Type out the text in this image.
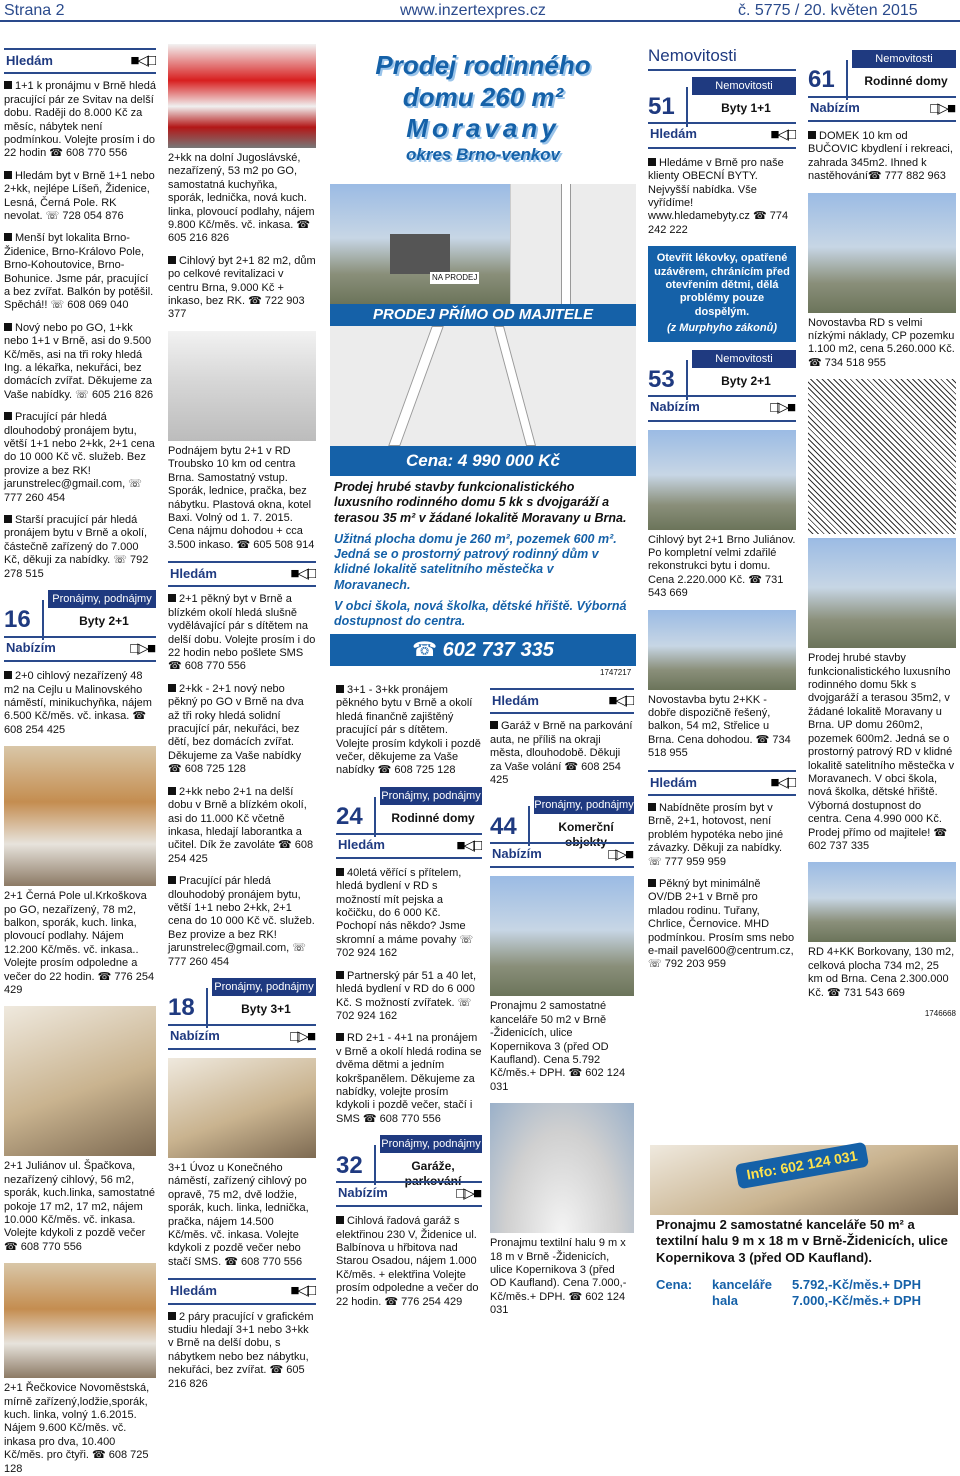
Strana 2	www.inzertexpres.cz	č. 5775 / 20. květen 2015
Hledám	■◁□
1+1 k pronájmu v Brně hledá pracující pár ze Svitav na delší dobu. Raději do 8.000 Kč za měsíc, nábytek není podmínkou. Volejte prosím i do 22 hodin ☎ 608 770 556
Hledám byt v Brně 1+1 nebo 2+kk, nejlépe Líšeň, Židenice, Lesná, Černá Pole. RK nevolat. ☏ 728 054 876
Menší byt lokalita Brno-Židenice, Brno-Královo Pole, Brno-Kohoutovice, Brno-Bohunice. Jsme pár, pracující a bez zvířat. Balkón by potěšil. Spěchá!! ☏ 608 069 040
Nový nebo po GO, 1+kk nebo 1+1 v Brně, asi do 9.500 Kč/měs, asi na tři roky hledá Ing. a lékařka, nekuřáci, bez domácích zvířat. Děkujeme za Vaše nabídky. ☏ 605 216 826
Pracující pár hledá dlouhodobý pronájem bytu, větší 1+1 nebo 2+kk, 2+1 cena do 10 000 Kč vč. služeb. Bez provize a bez RK! jarunstrelec@gmail.com, ☏ 777 260 454
Starší pracující pár hledá pronájem bytu v Brně a okolí, částečně zařízený do 7.000 Kč, děkuji za nabídky. ☏ 792 278 515
Pronájmy, podnájmy
16	Byty 2+1
Nabízím	□▷■
2+0 cihlový nezařízený 48 m2 na Cejlu u Malinovského náměstí, minikuchyňka, nájem 6.500 Kč/měs. vč. inkasa. ☎ 608 254 425
2+1 Černá Pole ul.Krkoškova po GO, nezařízený, 78 m2, balkon, sporák, kuch. linka, plovoucí podlahy. Nájem 12.200 Kč/měs. vč. inkasa.. Volejte prosím odpoledne a večer do 22 hodin. ☎ 776 254 429
2+1 Juliánov ul. Špačkova, nezařízený cihlový, 56 m2, sporák, kuch.linka, samostatné pokoje 17 m2, 17 m2, nájem 10.000 Kč/měs. vč. inkasa. Volejte kdykoli z pozdě večer ☎ 608 770 556
2+1 Řečkovice Novoměstská, mírně zařízený,lodžie,sporák, kuch. linka, volný 1.6.2015. Nájem 9.600 Kč/měs. vč. inkasa pro dva, 10.400 Kč/měs. pro čtyři. ☎ 608 725 128
2+kk na dolní Jugoslávské, nezařízený, 53 m2 po GO, samostatná kuchyňka, sporák, lednička, nová kuch. linka, plovoucí podlahy, nájem 9.800 Kč/měs. vč. inkasa. ☎ 605 216 826
Cihlový byt 2+1 82 m2, dům po celkové revitalizaci v centru Brna, 9.000 Kč + inkaso, bez RK. ☎ 722 903 377
Podnájem bytu 2+1 v RD Troubsko 10 km od centra Brna. Samostatný vstup. Sporák, lednice, pračka, bez nábytku. Plastová okna, kotel Baxi. Volný od 1. 7. 2015. Cena nájmu dohodou + cca 3.500 inkaso. ☎ 605 508 914
Hledám	■◁□
2+1 pěkný byt v Brně a blízkém okolí hledá slušně vydělávající pár s dítětem na delší dobu. Volejte prosím i do 22 hodin nebo pošlete SMS ☎ 608 770 556
2+kk - 2+1 nový nebo pěkný po GO v Brně na dva až tři roky hledá solidní pracující pár, nekuřáci, bez dětí, bez domácích zvířat. Děkujeme za Vaše nabídky ☎ 608 725 128
2+kk nebo 2+1 na delší dobu v Brně a blízkém okolí, asi do 11.000 Kč včetně inkasa, hledají laborantka a učitel. Dík že zavoláte ☎ 608 254 425
Pracující pár hledá dlouhodobý pronájem bytu, větší 1+1 nebo 2+kk, 2+1 cena do 10 000 Kč vč. služeb. Bez provize a bez RK! jarunstrelec@gmail.com, ☏ 777 260 454
Pronájmy, podnájmy
18	Byty 3+1
Nabízím	□▷■
3+1 Úvoz u Konečného náměstí, zařízený cihlový po opravě, 75 m2, dvě lodžie, sporák, kuch. linka, lednička, pračka, nájem 14.500 Kč/měs. vč. inkasa. Volejte kdykoli z pozdě večer nebo stačí SMS. ☎ 608 770 556
Hledám	■◁□
2 páry pracující v grafickém studiu hledají 3+1 nebo 3+kk v Brně na delší dobu, s nábytkem nebo bez nábytku, nekuřáci, bez zvířat. ☎ 605 216 826
Prodej rodinného
domu 260 m²
Moravany
okres Brno-venkov
NA PRODEJ
PRODEJ PŘÍMO OD MAJITELE
Cena: 4 990 000 Kč
Prodej hrubé stavby funkcionalistického luxusního rodinného domu 5 kk s dvojgaráží a terasou 35 m² v žádané lokalitě Moravany u Brna.
Užitná plocha domu je 260 m², pozemek 600 m². Jedná se o prostorný patrový rodinný dům v klidné lokalitě satelitního městečka v Moravanech.
V obci škola, nová školka, dětské hřiště. Výborná dostupnost do centra.
☎ 602 737 335
1747217
3+1 - 3+kk pronájem pěkného bytu v Brně a okolí hledá finančně zajištěný pracující pár s dítětem. Volejte prosím kdykoli i pozdě večer, děkujeme za Vaše nabídky ☎ 608 725 128
Pronájmy, podnájmy
24	Rodinné domy
Hledám	■◁□
40letá věřící s přítelem, hledá bydlení v RD s možností mít pejska a kočičku, do 6 000 Kč. Pochopí nás někdo? Jsme skromní a máme povahy ☏ 702 924 162
Partnerský pár 51 a 40 let, hledá bydlení v RD do 6 000 Kč. S možností zvířatek. ☏ 702 924 162
RD 2+1 - 4+1 na pronájem v Brně a okolí hledá rodina se dvěma dětmi a jedním kokršpanělem. Děkujeme za nabídky, volejte prosím kdykoli i pozdě večer, stačí i SMS ☎ 608 770 556
Pronájmy, podnájmy
32	Garáže, parkování
Nabízím	□▷■
Cihlová řadová garáž s elektřinou 230 V, Židenice ul. Balbínova u hřbitova nad Starou Osadou, nájem 1.000 Kč/měs. + elektřina Volejte prosím odpoledne a večer do 22 hodin. ☎ 776 254 429
Hledám	■◁□
Garáž v Brně na parkování auta, ne příliš na okraji města, dlouhodobě. Děkuji za Vaše volání ☎ 608 254 425
Pronájmy, podnájmy
44	Komerční objekty
Nabízím	□▷■
Pronajmu 2 samostatné kanceláře 50 m2 v Brně -Židenicích, ulice Kopernikova 3 (před OD Kaufland). Cena 5.792 Kč/měs.+ DPH. ☎ 602 124 031
Pronajmu textilní halu 9 m x 18 m v Brně -Židenicích, ulice Kopernikova 3 (před OD Kaufland). Cena 7.000,- Kč/měs.+ DPH. ☎ 602 124 031
Nemovitosti
Nemovitosti
51	Byty 1+1
Hledám	■◁□
Hledáme v Brně pro naše klienty OBECNÍ BYTY. Nejvyšší nabídka. Vše vyřídíme! www.hledamebyty.cz ☎ 774 242 222
Otevřít lékovky, opatřené uzávěrem, chránícím před otevřením dětmi, dělá problémy pouze dospělým.
(z Murphyho zákonů)
Nemovitosti
53	Byty 2+1
Nabízím	□▷■
Cihlový byt 2+1 Brno Juliánov. Po kompletní velmi zdařilé rekonstrukci bytu i domu. Cena 2.220.000 Kč. ☎ 731 543 669
Novostavba bytu 2+KK - dobře dispozičně řešený, balkon, 54 m2, Střelice u Brna. Cena dohodou. ☎ 734 518 955
Hledám	■◁□
Nabídněte prosím byt v Brně, 2+1, hotovost, není problém hypotéka nebo jiné závazky. Děkuji za nabídky. ☏ 777 959 959
Pěkný byt minimálně OV/DB 2+1 v Brně pro mladou rodinu. Tuřany, Chrlice, Černovice. MHD podmínkou. Prosím sms nebo e-mail pavel600@centrum.cz, ☏ 792 203 959
Nemovitosti
61	Rodinné domy
Nabízím	□▷■
DOMEK 10 km od BUČOVIC kbydlení i rekreaci, zahrada 345m2. Ihned k nastěhování☎ 777 882 963
Novostavba RD s velmi nízkými náklady, CP pozemku 1.100 m2, cena 5.260.000 Kč. ☎ 734 518 955
Prodej hrubé stavby funkcionalistického luxusního rodinného domu 5kk s dvojgaráží a terasou 35m2, v žádané lokalitě Moravany u Brna. UP domu 260m2, pozemek 600m2. Jedná se o prostorný patrový RD v klidné lokalitě satelitního městečka v Moravanech. V obci škola, nová školka, dětské hřiště. Výborná dostupnost do centra. Cena 4.990 000 Kč. Prodej přímo od majitele! ☎ 602 737 335
RD 4+KK Borkovany, 130 m2, celková plocha 734 m2, 25 km od Brna. Cena 2.300.000 Kč. ☎ 731 543 669
1746668
Info: 602 124 031
Pronajmu 2 samostatné kanceláře 50 m² a textilní halu 9 m x 18 m v Brně-Židenicích, ulice Kopernikova 3 (před OD Kaufland).
Cena:	kanceláře	5.792,-Kč/měs.+ DPH
hala	7.000,-Kč/měs.+ DPH
